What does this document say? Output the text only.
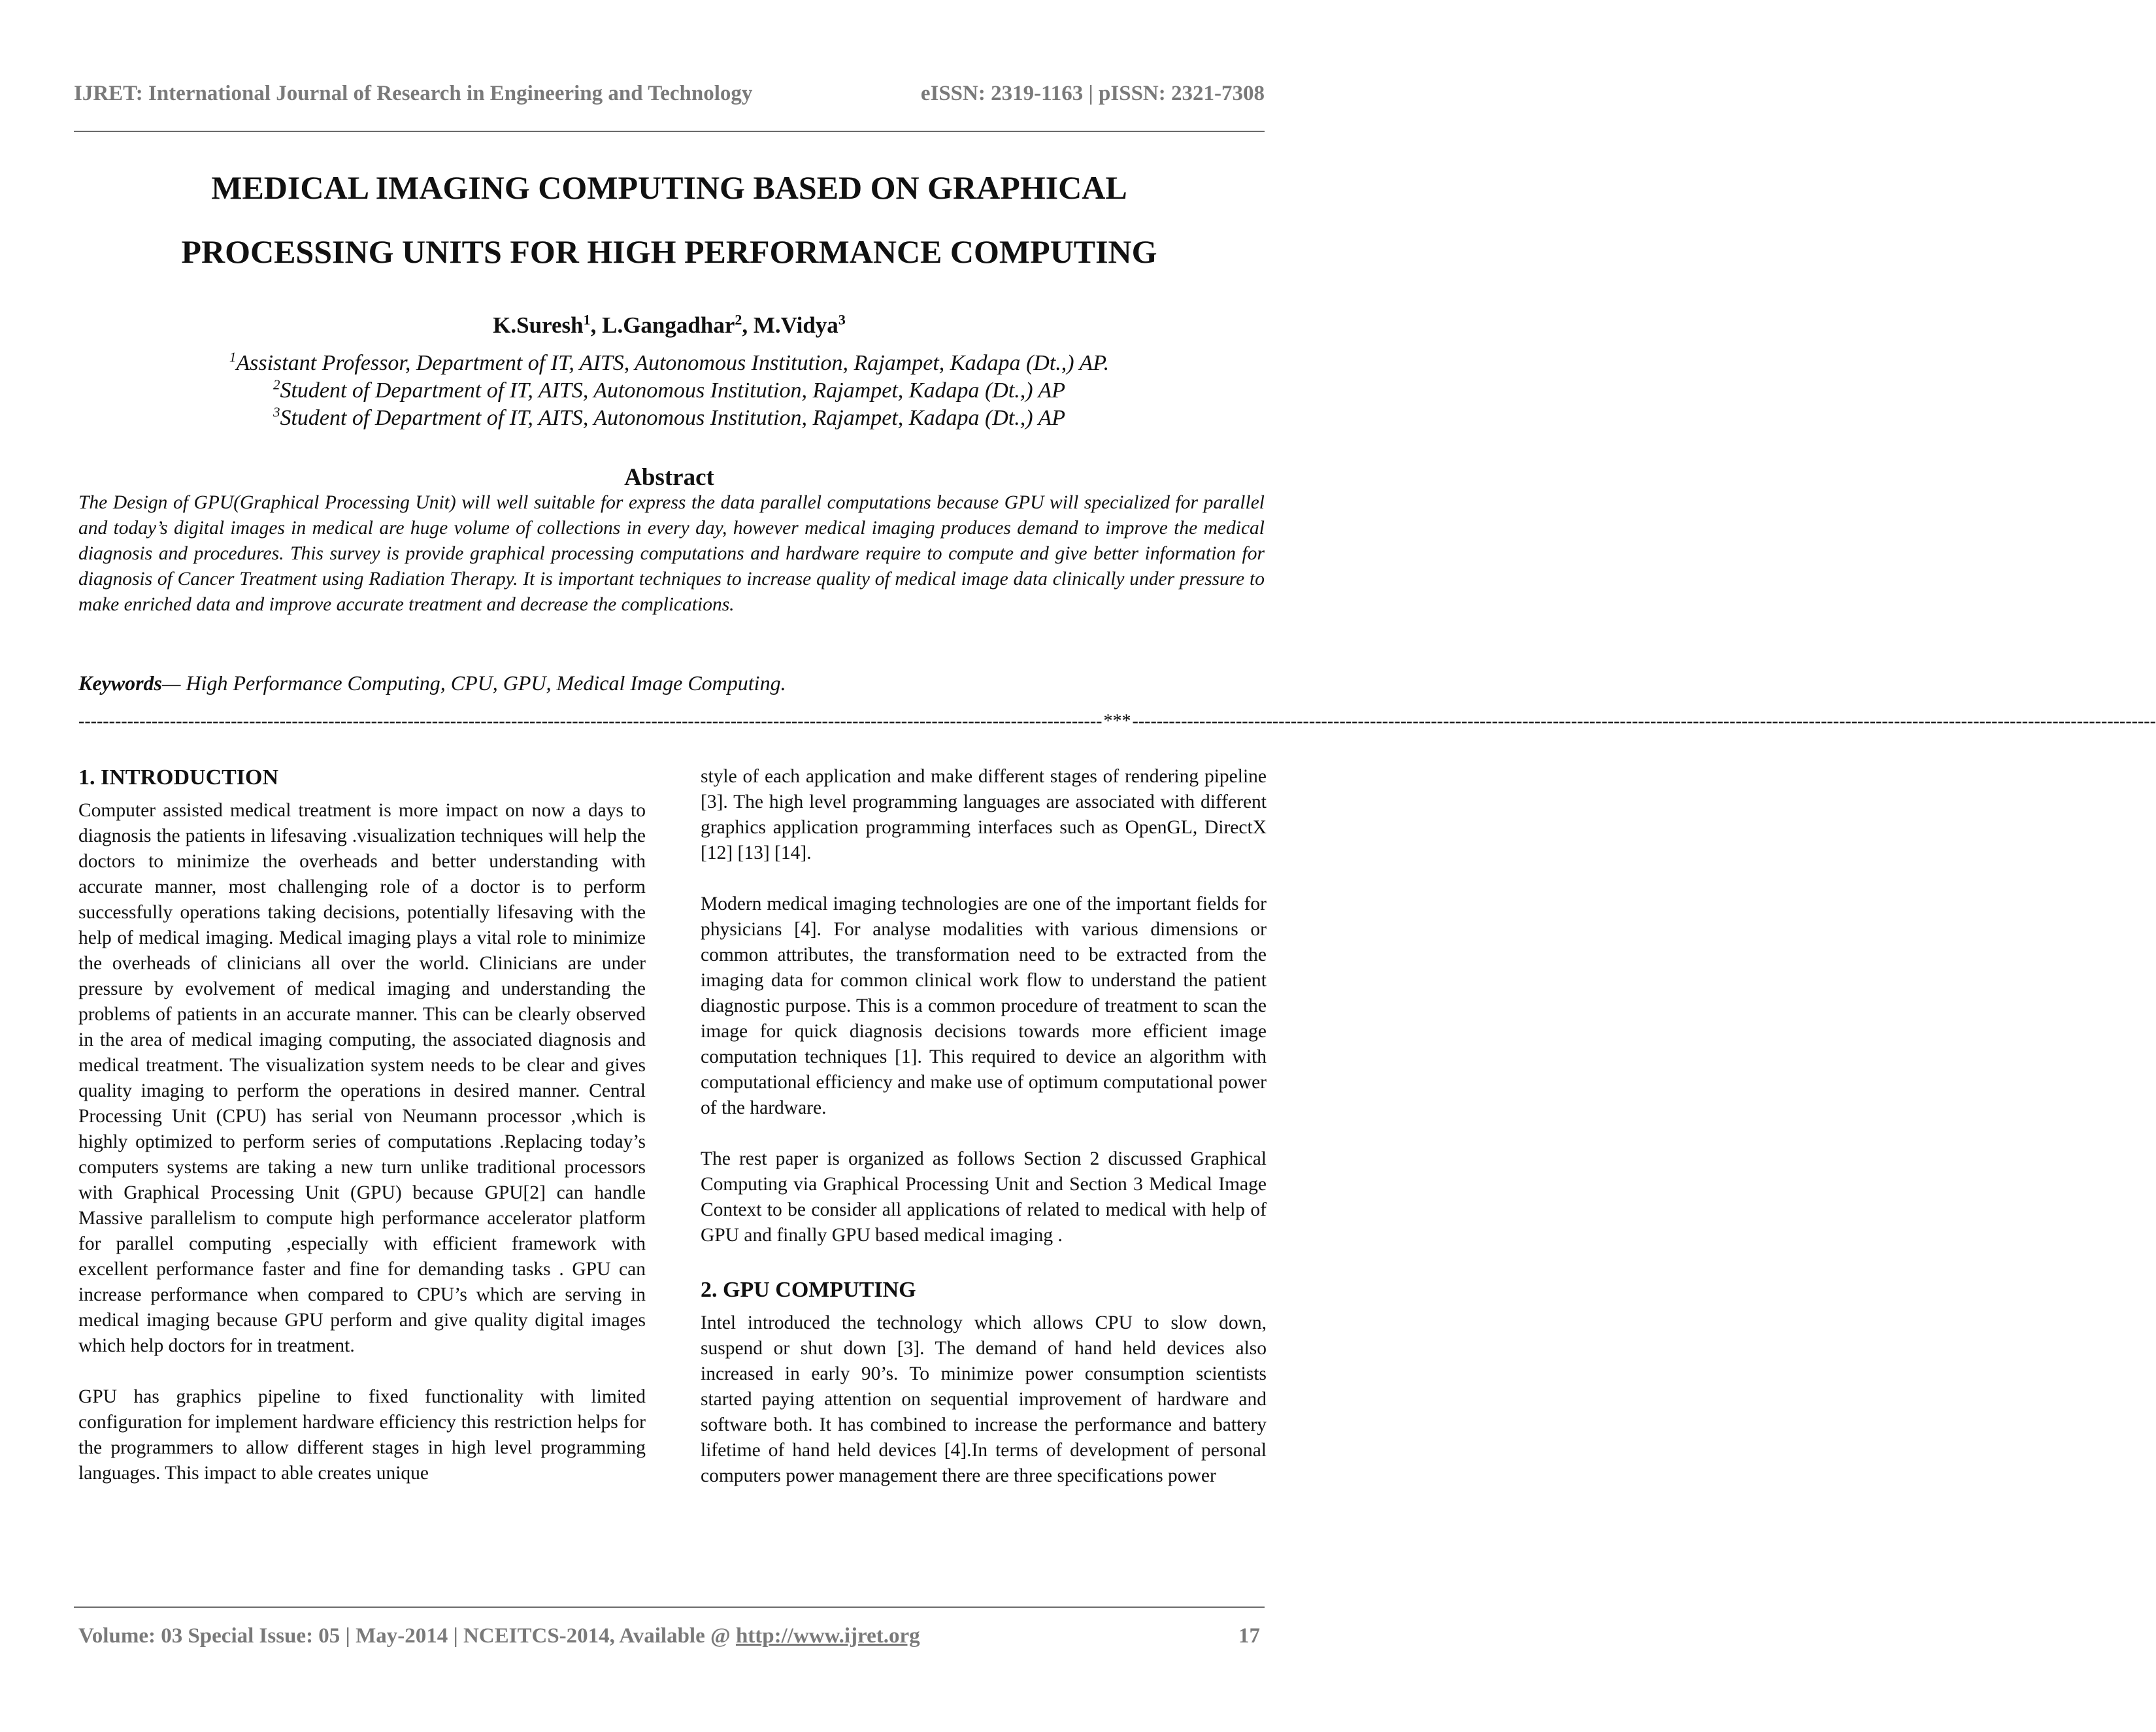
IJRET: International Journal of Research in Engineering and Technology	eISSN: 2319-1163 | pISSN: 2321-7308
MEDICAL IMAGING COMPUTING BASED ON GRAPHICAL
PROCESSING UNITS FOR HIGH PERFORMANCE COMPUTING
K.Suresh$^1$, L.Gangadhar$^2$, M.Vidya$^3$
$^1$Assistant Professor, Department of IT, AITS, Autonomous Institution, Rajampet, Kadapa (Dt.,) AP.
$^2$Student of Department of IT, AITS, Autonomous Institution, Rajampet, Kadapa (Dt.,) AP
$^3$Student of Department of IT, AITS, Autonomous Institution, Rajampet, Kadapa (Dt.,) AP
Abstract
The Design of GPU(Graphical Processing Unit) will well suitable for express the data parallel computations because GPU will specialized for parallel and today’s digital images in medical are huge volume of collections in every day, however medical imaging produces demand to improve the medical diagnosis and procedures. This survey is provide graphical processing computations and hardware require to compute and give better information for diagnosis of Cancer Treatment using Radiation Therapy. It is important techniques to increase quality of medical image data clinically under pressure to make enriched data and improve accurate treatment and decrease the complications.
Keywords— High Performance Computing, CPU, GPU, Medical Image Computing.
------------------------------------------------------------------------------------------------------------------------------------------------------------------------ *** ------------------------------------------------------------------------------------------------------------------------------------------------------------------------
1. INTRODUCTION

Computer assisted medical treatment is more impact on now a days to diagnosis the patients in lifesaving .visualization techniques will help the doctors to minimize the overheads and better understanding with accurate manner, most challenging role of a doctor is to perform successfully operations taking decisions, potentially lifesaving with the help of medical imaging. Medical imaging plays a vital role to minimize the overheads of clinicians all over the world. Clinicians are under pressure by evolvement of medical imaging and understanding the problems of patients in an accurate manner. This can be clearly observed in the area of medical imaging computing, the associated diagnosis and medical treatment. The visualization system needs to be clear and gives quality imaging to perform the operations in desired manner. Central Processing Unit (CPU) has serial von Neumann processor ,which is highly optimized to perform series of computations .Replacing today’s computers systems are taking a new turn unlike traditional processors with Graphical Processing Unit (GPU) because GPU[2] can handle Massive parallelism to compute high performance accelerator platform for parallel computing ,especially with efficient framework with excellent performance faster and fine for demanding tasks . GPU can increase performance when compared to CPU’s which are serving in medical imaging because GPU perform and give quality digital images which help doctors for in treatment.

GPU has graphics pipeline to fixed functionality with limited configuration for implement hardware efficiency this restriction helps for the programmers to allow different stages in high level programming languages. This impact to able creates unique

style of each application and make different stages of rendering pipeline [3]. The high level programming languages are associated with different graphics application programming interfaces such as OpenGL, DirectX [12] [13] [14].

Modern medical imaging technologies are one of the important fields for physicians [4]. For analyse modalities with various dimensions or common attributes, the transformation need to be extracted from the imaging data for common clinical work flow to understand the patient diagnostic purpose. This is a common procedure of treatment to scan the image for quick diagnosis decisions towards more efficient image computation techniques [1]. This required to device an algorithm with computational efficiency and make use of optimum computational power of the hardware.

The rest paper is organized as follows Section 2 discussed Graphical Computing via Graphical Processing Unit and Section 3 Medical Image Context to be consider all applications of related to medical with help of GPU and finally GPU based medical imaging .

2. GPU COMPUTING

Intel introduced the technology which allows CPU to slow down, suspend or shut down [3]. The demand of hand held devices also increased in early 90’s. To minimize power consumption scientists started paying attention on sequential improvement of hardware and software both. It has combined to increase the performance and battery lifetime of hand held devices [4].In terms of development of personal computers power management there are three specifications power

Volume: 03 Special Issue: 05 | May-2014 | NCEITCS-2014, Available @ http://www.ijret.org	17
